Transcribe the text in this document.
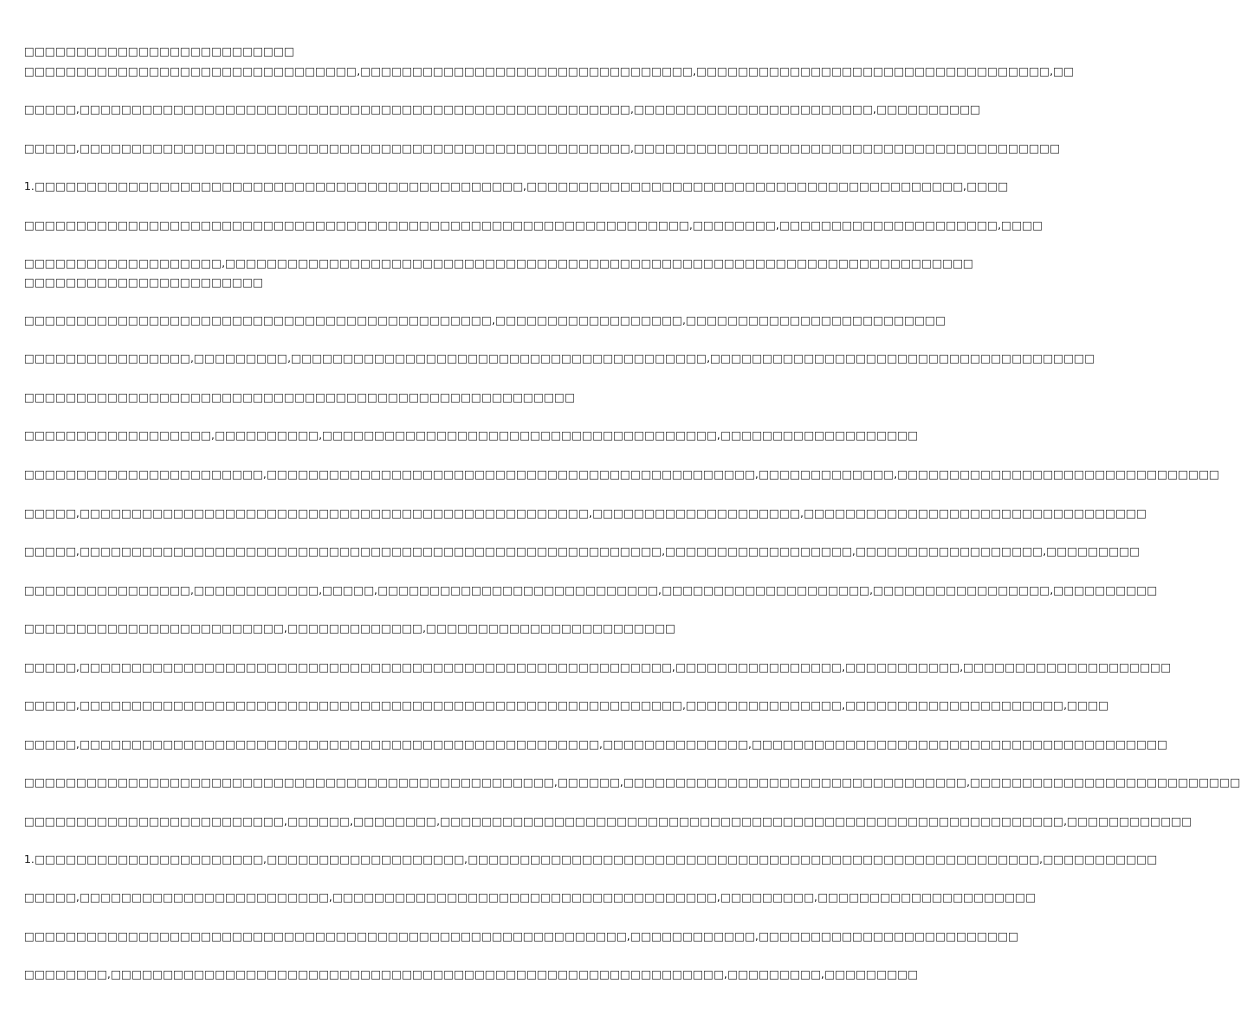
□□□□□□□□□□□□□□□□□□□□□□□□□□
□□□□□□□□□□□□□□□□□□□□□□□□□□□□□□□□,□□□□□□□□□□□□□□□□□□□□□□□□□□□□□□□□,□□□□□□□□□□□□□□□□□□□□□□□□□□□□□□□□□□,□□
□□□□□,□□□□□□□□□□□□□□□□□□□□□□□□□□□□□□□□□□□□□□□□□□□□□□□□□□□□□,□□□□□□□□□□□□□□□□□□□□□□□,□□□□□□□□□□
□□□□□,□□□□□□□□□□□□□□□□□□□□□□□□□□□□□□□□□□□□□□□□□□□□□□□□□□□□□,□□□□□□□□□□□□□□□□□□□□□□□□□□□□□□□□□□□□□□□□□
1.□□□□□□□□□□□□□□□□□□□□□□□□□□□□□□□□□□□□□□□□□□□□□□□,□□□□□□□□□□□□□□□□□□□□□□□□□□□□□□□□□□□□□□□□□□,□□□□
□□□□□□□□□□□□□□□□□□□□□□□□□□□□□□□□□□□□□□□□□□□□□□□□□□□□□□□□□□□□□□□□,□□□□□□□□,□□□□□□□□□□□□□□□□□□□□□,□□□□
□□□□□□□□□□□□□□□□□□□,□□□□□□□□□□□□□□□□□□□□□□□□□□□□□□□□□□□□□□□□□□□□□□□□□□□□□□□□□□□□□□□□□□□□□□□□
□□□□□□□□□□□□□□□□□□□□□□□
□□□□□□□□□□□□□□□□□□□□□□□□□□□□□□□□□□□□□□□□□□□□□,□□□□□□□□□□□□□□□□□□,□□□□□□□□□□□□□□□□□□□□□□□□□
□□□□□□□□□□□□□□□□,□□□□□□□□□,□□□□□□□□□□□□□□□□□□□□□□□□□□□□□□□□□□□□□□□□,□□□□□□□□□□□□□□□□□□□□□□□□□□□□□□□□□□□□□
□□□□□□□□□□□□□□□□□□□□□□□□□□□□□□□□□□□□□□□□□□□□□□□□□□□□□
□□□□□□□□□□□□□□□□□□,□□□□□□□□□□,□□□□□□□□□□□□□□□□□□□□□□□□□□□□□□□□□□□□□□,□□□□□□□□□□□□□□□□□□□
□□□□□□□□□□□□□□□□□□□□□□□,□□□□□□□□□□□□□□□□□□□□□□□□□□□□□□□□□□□□□□□□□□□□□□□,□□□□□□□□□□□□□,□□□□□□□□□□□□□□□□□□□□□□□□□□□□□□□
□□□□□,□□□□□□□□□□□□□□□□□□□□□□□□□□□□□□□□□□□□□□□□□□□□□□□□□,□□□□□□□□□□□□□□□□□□□□,□□□□□□□□□□□□□□□□□□□□□□□□□□□□□□□□□
□□□□□,□□□□□□□□□□□□□□□□□□□□□□□□□□□□□□□□□□□□□□□□□□□□□□□□□□□□□□□□,□□□□□□□□□□□□□□□□□□,□□□□□□□□□□□□□□□□□□,□□□□□□□□□
□□□□□□□□□□□□□□□□,□□□□□□□□□□□□,□□□□□,□□□□□□□□□□□□□□□□□□□□□□□□□□□,□□□□□□□□□□□□□□□□□□□□,□□□□□□□□□□□□□□□□□,□□□□□□□□□□
□□□□□□□□□□□□□□□□□□□□□□□□□,□□□□□□□□□□□□□,□□□□□□□□□□□□□□□□□□□□□□□□
□□□□□,□□□□□□□□□□□□□□□□□□□□□□□□□□□□□□□□□□□□□□□□□□□□□□□□□□□□□□□□□,□□□□□□□□□□□□□□□□,□□□□□□□□□□□,□□□□□□□□□□□□□□□□□□□□
□□□□□,□□□□□□□□□□□□□□□□□□□□□□□□□□□□□□□□□□□□□□□□□□□□□□□□□□□□□□□□□□,□□□□□□□□□□□□□□□,□□□□□□□□□□□□□□□□□□□□□,□□□□
□□□□□,□□□□□□□□□□□□□□□□□□□□□□□□□□□□□□□□□□□□□□□□□□□□□□□□□□,□□□□□□□□□□□□□□,□□□□□□□□□□□□□□□□□□□□□□□□□□□□□□□□□□□□□□□□
□□□□□□□□□□□□□□□□□□□□□□□□□□□□□□□□□□□□□□□□□□□□□□□□□□□,□□□□□□,□□□□□□□□□□□□□□□□□□□□□□□□□□□□□□□□□,□□□□□□□□□□□□□□□□□□□□□□□□□□
□□□□□□□□□□□□□□□□□□□□□□□□□,□□□□□□,□□□□□□□□,□□□□□□□□□□□□□□□□□□□□□□□□□□□□□□□□□□□□□□□□□□□□□□□□□□□□□□□□□□□□,□□□□□□□□□□□□
1.□□□□□□□□□□□□□□□□□□□□□□,□□□□□□□□□□□□□□□□□□□,□□□□□□□□□□□□□□□□□□□□□□□□□□□□□□□□□□□□□□□□□□□□□□□□□□□□□□□,□□□□□□□□□□□
□□□□□,□□□□□□□□□□□□□□□□□□□□□□□□,□□□□□□□□□□□□□□□□□□□□□□□□□□□□□□□□□□□□□,□□□□□□□□□,□□□□□□□□□□□□□□□□□□□□□
□□□□□□□□□□□□□□□□□□□□□□□□□□□□□□□□□□□□□□□□□□□□□□□□□□□□□□□□□□,□□□□□□□□□□□□,□□□□□□□□□□□□□□□□□□□□□□□□□
□□□□□□□□,□□□□□□□□□□□□□□□□□□□□□□□□□□□□□□□□□□□□□□□□□□□□□□□□□□□□□□□□□□□,□□□□□□□□□,□□□□□□□□□
